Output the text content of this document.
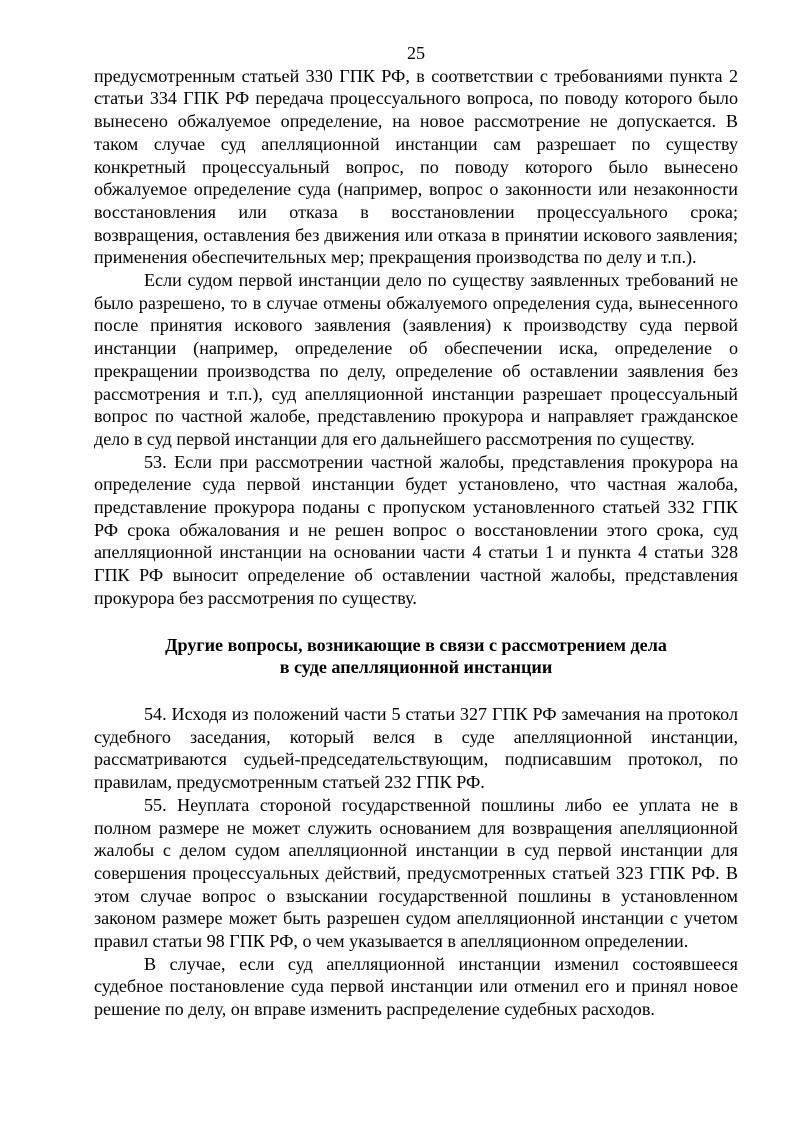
25

предусмотренным статьей 330 ГПК РФ, в соответствии с требованиями пункта 2 статьи 334 ГПК РФ передача процессуального вопроса, по поводу которого было вынесено обжалуемое определение, на новое рассмотрение не допускается. В таком случае суд апелляционной инстанции сам разрешает по существу конкретный процессуальный вопрос, по поводу которого было вынесено обжалуемое определение суда (например, вопрос о законности или незаконности восстановления или отказа в восстановлении процессуального срока; возвращения, оставления без движения или отказа в принятии искового заявления; применения обеспечительных мер; прекращения производства по делу и т.п.).

Если судом первой инстанции дело по существу заявленных требований не было разрешено, то в случае отмены обжалуемого определения суда, вынесенного после принятия искового заявления (заявления) к производству суда первой инстанции (например, определение об обеспечении иска, определение о прекращении производства по делу, определение об оставлении заявления без рассмотрения и т.п.), суд апелляционной инстанции разрешает процессуальный вопрос по частной жалобе, представлению прокурора и направляет гражданское дело в суд первой инстанции для его дальнейшего рассмотрения по существу.

53. Если при рассмотрении частной жалобы, представления прокурора на определение суда первой инстанции будет установлено, что частная жалоба, представление прокурора поданы с пропуском установленного статьей 332 ГПК РФ срока обжалования и не решен вопрос о восстановлении этого срока, суд апелляционной инстанции на основании части 4 статьи 1 и пункта 4 статьи 328 ГПК РФ выносит определение об оставлении частной жалобы, представления прокурора без рассмотрения по существу.

Другие вопросы, возникающие в связи с рассмотрением дела
в суде апелляционной инстанции

54. Исходя из положений части 5 статьи 327 ГПК РФ замечания на протокол судебного заседания, который велся в суде апелляционной инстанции, рассматриваются судьей-председательствующим, подписавшим протокол, по правилам, предусмотренным статьей 232 ГПК РФ.

55. Неуплата стороной государственной пошлины либо ее уплата не в полном размере не может служить основанием для возвращения апелляционной жалобы с делом судом апелляционной инстанции в суд первой инстанции для совершения процессуальных действий, предусмотренных статьей 323 ГПК РФ. В этом случае вопрос о взыскании государственной пошлины в установленном законом размере может быть разрешен судом апелляционной инстанции с учетом правил статьи 98 ГПК РФ, о чем указывается в апелляционном определении.

В случае, если суд апелляционной инстанции изменил состоявшееся судебное постановление суда первой инстанции или отменил его и принял новое решение по делу, он вправе изменить распределение судебных расходов.
